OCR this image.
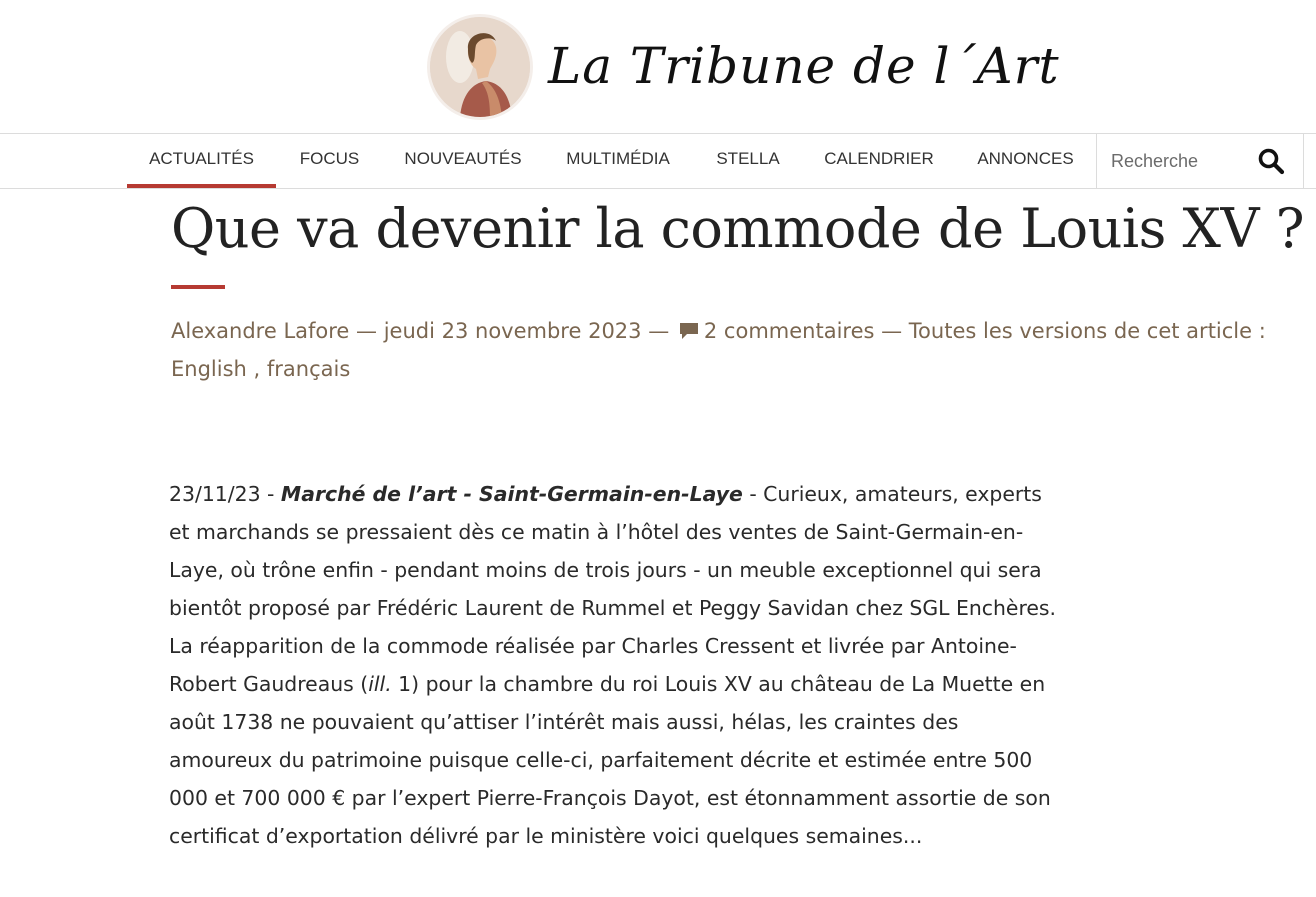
La Tribune de l´Art
ACTUALITÉS	FOCUS	NOUVEAUTÉS	MULTIMÉDIA	STELLA	CALENDRIER	ANNONCES
Recherche
Que va devenir la commode de Louis XV ?
Alexandre Lafore — jeudi 23 novembre 2023 — 2 commentaires — Toutes les versions de cet article :
English , français
23/11/23 - Marché de l’art - Saint-Germain-en-Laye - Curieux, amateurs, experts et marchands se pressaient dès ce matin à l’hôtel des ventes de Saint-Germain-en-Laye, où trône enfin - pendant moins de trois jours - un meuble exceptionnel qui sera bientôt proposé par Frédéric Laurent de Rummel et Peggy Savidan chez SGL Enchères. La réapparition de la commode réalisée par Charles Cressent et livrée par Antoine-Robert Gaudreaus (ill. 1) pour la chambre du roi Louis XV au château de La Muette en août 1738 ne pouvaient qu’attiser l’intérêt mais aussi, hélas, les craintes des amoureux du patrimoine puisque celle-ci, parfaitement décrite et estimée entre 500 000 et 700 000 € par l’expert Pierre-François Dayot, est étonnamment assortie de son certificat d’exportation délivré par le ministère voici quelques semaines...
